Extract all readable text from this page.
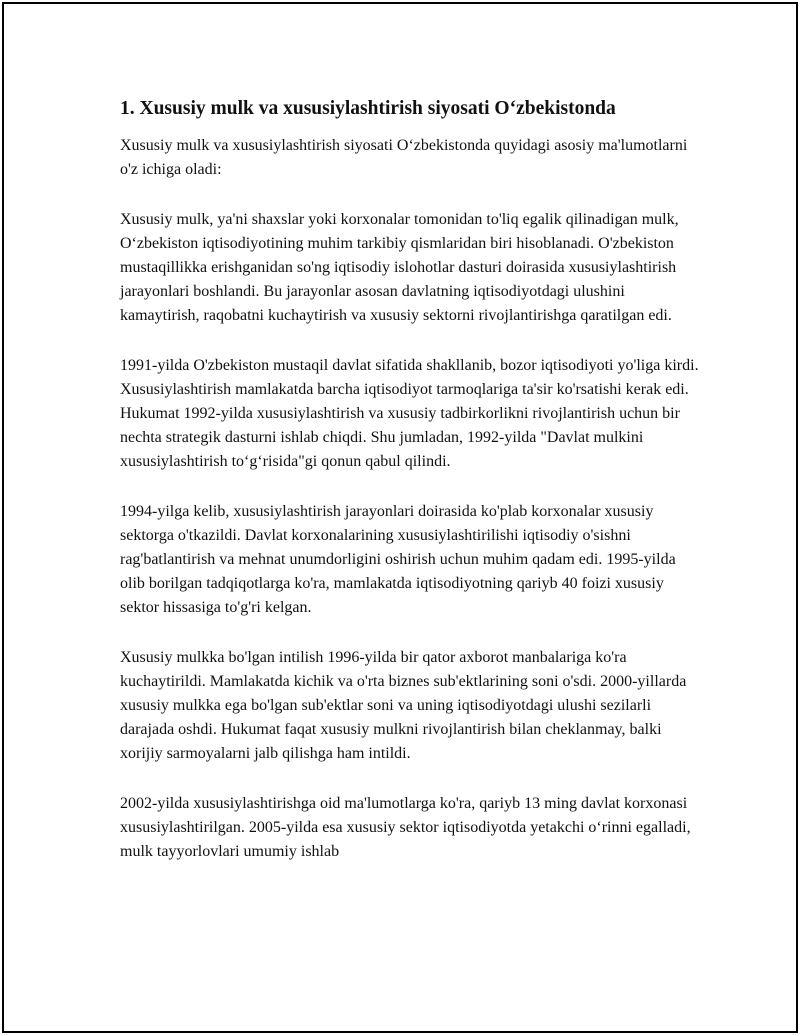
1. Xususiy mulk va xususiylashtirish siyosati O‘zbekistonda

Xususiy mulk va xususiylashtirish siyosati O‘zbekistonda quyidagi asosiy ma'lumotlarni o'z ichiga oladi:

Xususiy mulk, ya'ni shaxslar yoki korxonalar tomonidan to'liq egalik qilinadigan mulk, O‘zbekiston iqtisodiyotining muhim tarkibiy qismlaridan biri hisoblanadi. O'zbekiston mustaqillikka erishganidan so'ng iqtisodiy islohotlar dasturi doirasida xususiylashtirish jarayonlari boshlandi. Bu jarayonlar asosan davlatning iqtisodiyotdagi ulushini kamaytirish, raqobatni kuchaytirish va xususiy sektorni rivojlantirishga qaratilgan edi.

1991-yilda O'zbekiston mustaqil davlat sifatida shakllanib, bozor iqtisodiyoti yo'liga kirdi. Xususiylashtirish mamlakatda barcha iqtisodiyot tarmoqlariga ta'sir ko'rsatishi kerak edi. Hukumat 1992-yilda xususiylashtirish va xususiy tadbirkorlikni rivojlantirish uchun bir nechta strategik dasturni ishlab chiqdi. Shu jumladan, 1992-yilda "Davlat mulkini xususiylashtirish to‘g‘risida"gi qonun qabul qilindi.

1994-yilga kelib, xususiylashtirish jarayonlari doirasida ko'plab korxonalar xususiy sektorga o'tkazildi. Davlat korxonalarining xususiylashtirilishi iqtisodiy o'sishni rag'batlantirish va mehnat unumdorligini oshirish uchun muhim qadam edi. 1995-yilda olib borilgan tadqiqotlarga ko'ra, mamlakatda iqtisodiyotning qariyb 40 foizi xususiy sektor hissasiga to'g'ri kelgan.

Xususiy mulkka bo'lgan intilish 1996-yilda bir qator axborot manbalariga ko'ra kuchaytirildi. Mamlakatda kichik va o'rta biznes sub'ektlarining soni o'sdi. 2000-yillarda xususiy mulkka ega bo'lgan sub'ektlar soni va uning iqtisodiyotdagi ulushi sezilarli darajada oshdi. Hukumat faqat xususiy mulkni rivojlantirish bilan cheklanmay, balki xorijiy sarmoyalarni jalb qilishga ham intildi.

2002-yilda xususiylashtirishga oid ma'lumotlarga ko'ra, qariyb 13 ming davlat korxonasi xususiylashtirilgan. 2005-yilda esa xususiy sektor iqtisodiyotda yetakchi o‘rinni egalladi, mulk tayyorlovlari umumiy ishlab
